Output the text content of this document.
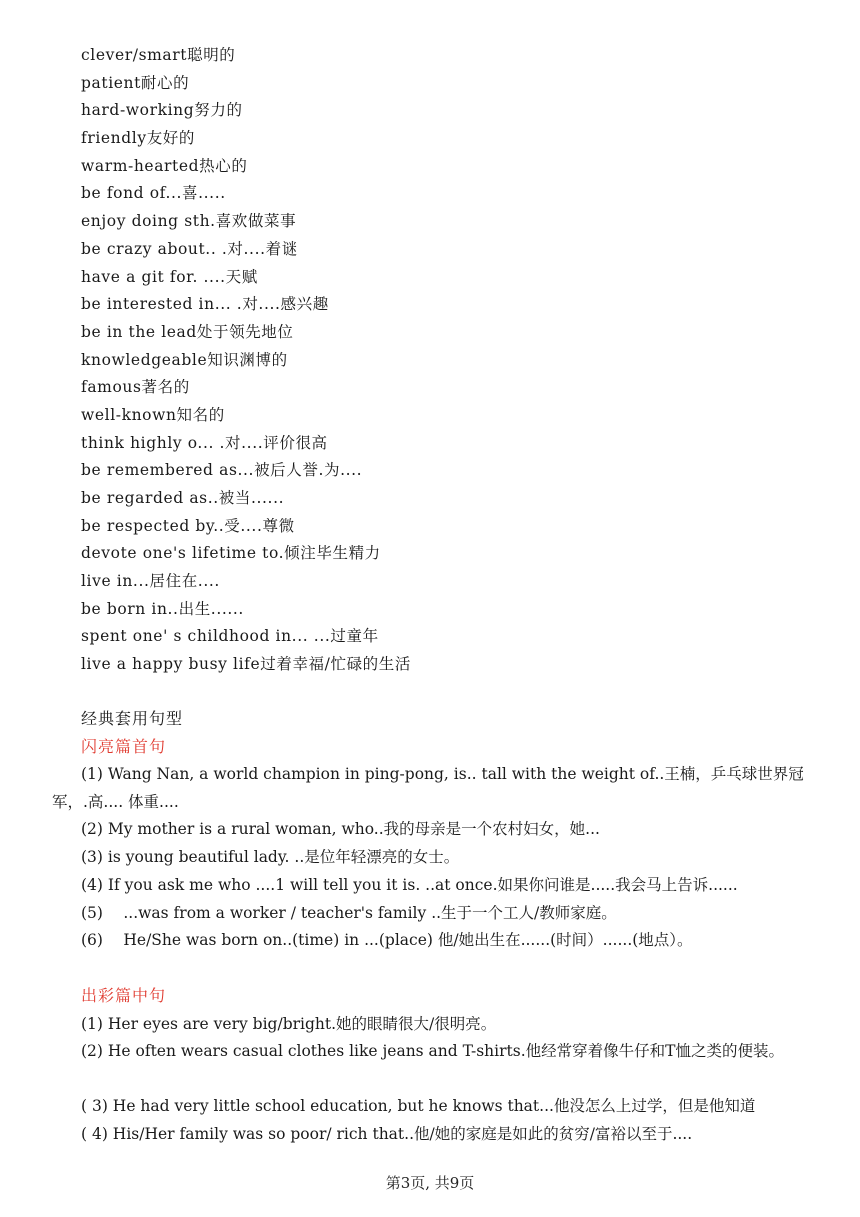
clever/smart聪明的
patient耐心的
hard-working努力的
friendly友好的
warm-hearted热心的
be fond of...喜.....
enjoy doing sth.喜欢做菜事
be crazy about.. .对....着谜
have a git for. ....天赋
be interested in... .对....感兴趣
be in the lead处于领先地位
knowledgeable知识渊博的
famous著名的
well-known知名的
think highly o... .对....评价很高
be remembered as...被后人誉.为....
be regarded as..被当......
be respected by..受....尊微
devote one's lifetime to.倾注毕生精力
live in...居住在....
be born in..出生......
spent one' s childhood in... ...过童年
live a happy busy life过着幸福/忙碌的生活
经典套用句型
闪亮篇首句
(1) Wang Nan, a world champion in ping-pong, is.. tall with the weight of..王楠，乒乓球世界冠军，.高.... 体重....
(2) My mother is a rural woman, who..我的母亲是一个农村妇女，她...
(3) is young beautiful lady. ..是位年轻漂亮的女士。
(4) If you ask me who ....1 will tell you it is. ..at once.如果你问谁是.....我会马上告诉......
(5)　 ...was from a worker / teacher's family ..生于一个工人/教师家庭。
(6)　 He/She was born on..(time) in ...(place) 他/她出生在......(时间）......(地点）。
出彩篇中句
(1) Her eyes are very big/bright.她的眼睛很大/很明亮。
(2) He often wears casual clothes like jeans and T-shirts.他经常穿着像牛仔和T恤之类的便装。
( 3) He had very little school education, but he knows that...他没怎么上过学，但是他知道
( 4) His/Her family was so poor/ rich that..他/她的家庭是如此的贫穷/富裕以至于....
第3页, 共9页
